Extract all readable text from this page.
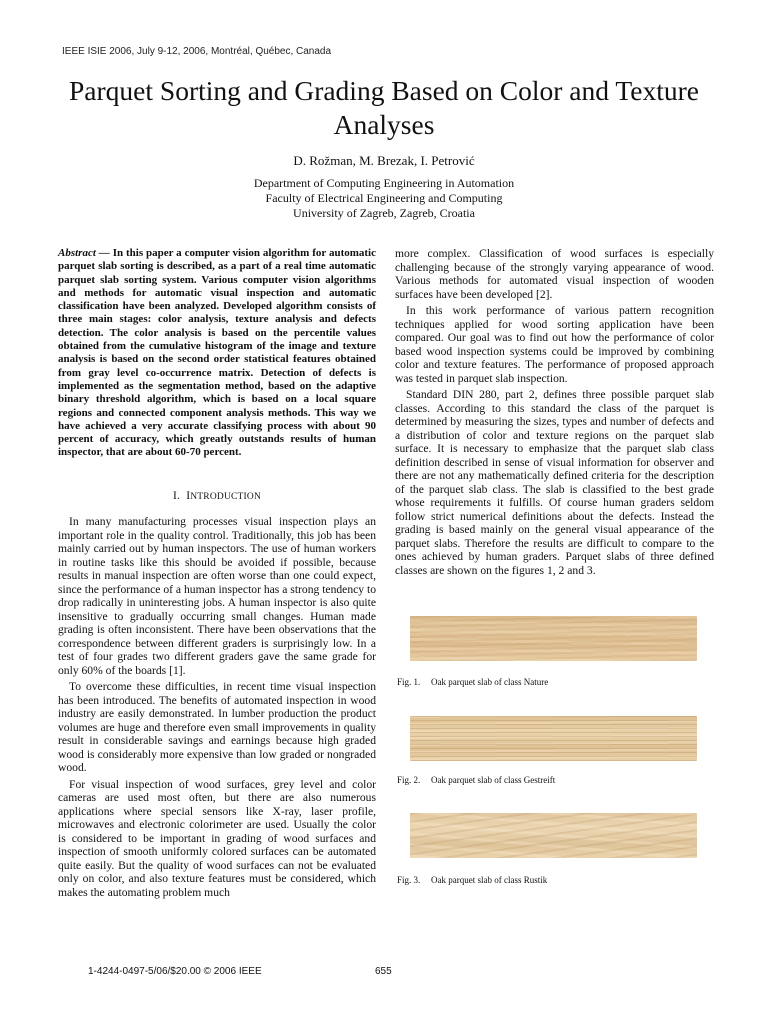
IEEE ISIE 2006, July 9-12, 2006, Montréal, Québec, Canada
Parquet Sorting and Grading Based on Color and Texture Analyses
D. Rožman, M. Brezak, I. Petrović
Department of Computing Engineering in Automation
Faculty of Electrical Engineering and Computing
University of Zagreb, Zagreb, Croatia

Abstract — In this paper a computer vision algorithm for automatic parquet slab sorting is described, as a part of a real time automatic parquet slab sorting system. Various computer vision algorithms and methods for automatic visual inspection and automatic classification have been analyzed. Developed algorithm consists of three main stages: color analysis, texture analysis and defects detection. The color analysis is based on the percentile values obtained from the cumulative histogram of the image and texture analysis is based on the second order statistical features obtained from gray level co-occurrence matrix. Detection of defects is implemented as the segmentation method, based on the adaptive binary threshold algorithm, which is based on a local square regions and connected component analysis methods. This way we have achieved a very accurate classifying process with about 90 percent of accuracy, which greatly outstands results of human inspector, that are about 60-70 percent.

I. INTRODUCTION

In many manufacturing processes visual inspection plays an important role in the quality control. Traditionally, this job has been mainly carried out by human inspectors. The use of human workers in routine tasks like this should be avoided if possible, because results in manual inspection are often worse than one could expect, since the performance of a human inspector has a strong tendency to drop radically in uninteresting jobs. A human inspector is also quite insensitive to gradually occurring small changes. Human made grading is often inconsistent. There have been observations that the correspondence between different graders is surprisingly low. In a test of four grades two different graders gave the same grade for only 60% of the boards [1].

To overcome these difficulties, in recent time visual inspection has been introduced. The benefits of automated inspection in wood industry are easily demonstrated. In lumber production the product volumes are huge and therefore even small improvements in quality result in considerable savings and earnings because high graded wood is considerably more expensive than low graded or nongraded wood.

For visual inspection of wood surfaces, grey level and color cameras are used most often, but there are also numerous applications where special sensors like X-ray, laser profile, microwaves and electronic colorimeter are used. Usually the color is considered to be important in grading of wood surfaces and inspection of smooth uniformly colored surfaces can be automated quite easily. But the quality of wood surfaces can not be evaluated only on color, and also texture features must be considered, which makes the automating problem much

more complex. Classification of wood surfaces is especially challenging because of the strongly varying appearance of wood. Various methods for automated visual inspection of wooden surfaces have been developed [2].

In this work performance of various pattern recognition techniques applied for wood sorting application have been compared. Our goal was to find out how the performance of color based wood inspection systems could be improved by combining color and texture features. The performance of proposed approach was tested in parquet slab inspection.

Standard DIN 280, part 2, defines three possible parquet slab classes. According to this standard the class of the parquet is determined by measuring the sizes, types and number of defects and a distribution of color and texture regions on the parquet slab surface. It is necessary to emphasize that the parquet slab class definition described in sense of visual information for observer and there are not any mathematically defined criteria for the description of the parquet slab class. The slab is classified to the best grade whose requirements it fulfills. Of course human graders seldom follow strict numerical definitions about the defects. Instead the grading is based mainly on the general visual appearance of the parquet slabs. Therefore the results are difficult to compare to the ones achieved by human graders. Parquet slabs of three defined classes are shown on the figures 1, 2 and 3.

Fig. 1. Oak parquet slab of class Nature
Fig. 2. Oak parquet slab of class Gestreift
Fig. 3. Oak parquet slab of class Rustik
1-4244-0497-5/06/$20.00 © 2006 IEEE	655
